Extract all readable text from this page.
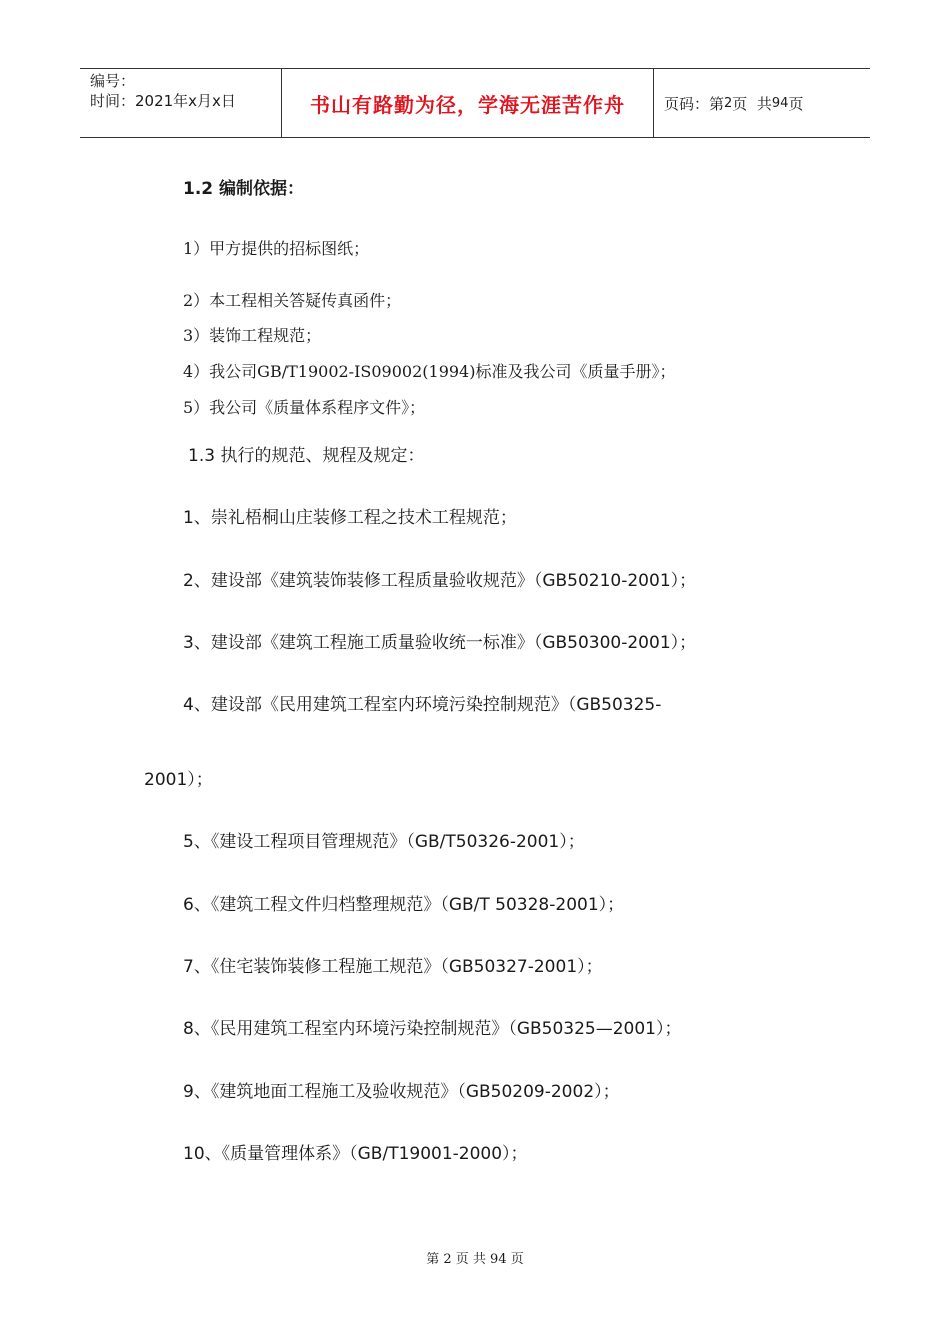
编号：
时间：2021年x月x日	书山有路勤为径，学海无涯苦作舟	页码：第 2 页  共 94 页
1.2 编制依据：
1）甲方提供的招标图纸；
2）本工程相关答疑传真函件；
3）装饰工程规范；
4）我公司GB/T19002-IS09002(1994)标准及我公司《质量手册》；
5）我公司《质量体系程序文件》；
1.3 执行的规范、规程及规定：
1、崇礼梧桐山庄装修工程之技术工程规范；
2、建设部《建筑装饰装修工程质量验收规范》（GB50210-2001）；
3、建设部《建筑工程施工质量验收统一标准》（GB50300-2001）；
4、建设部《民用建筑工程室内环境污染控制规范》（GB50325-
2001）；
5、《建设工程项目管理规范》（GB/T50326-2001）；
6、《建筑工程文件归档整理规范》（GB/T 50328-2001）；
7、《住宅装饰装修工程施工规范》（GB50327-2001）；
8、《民用建筑工程室内环境污染控制规范》（GB50325—2001）；
9、《建筑地面工程施工及验收规范》（GB50209-2002）；
10、《质量管理体系》（GB/T19001-2000）；
第 2 页 共 94 页
